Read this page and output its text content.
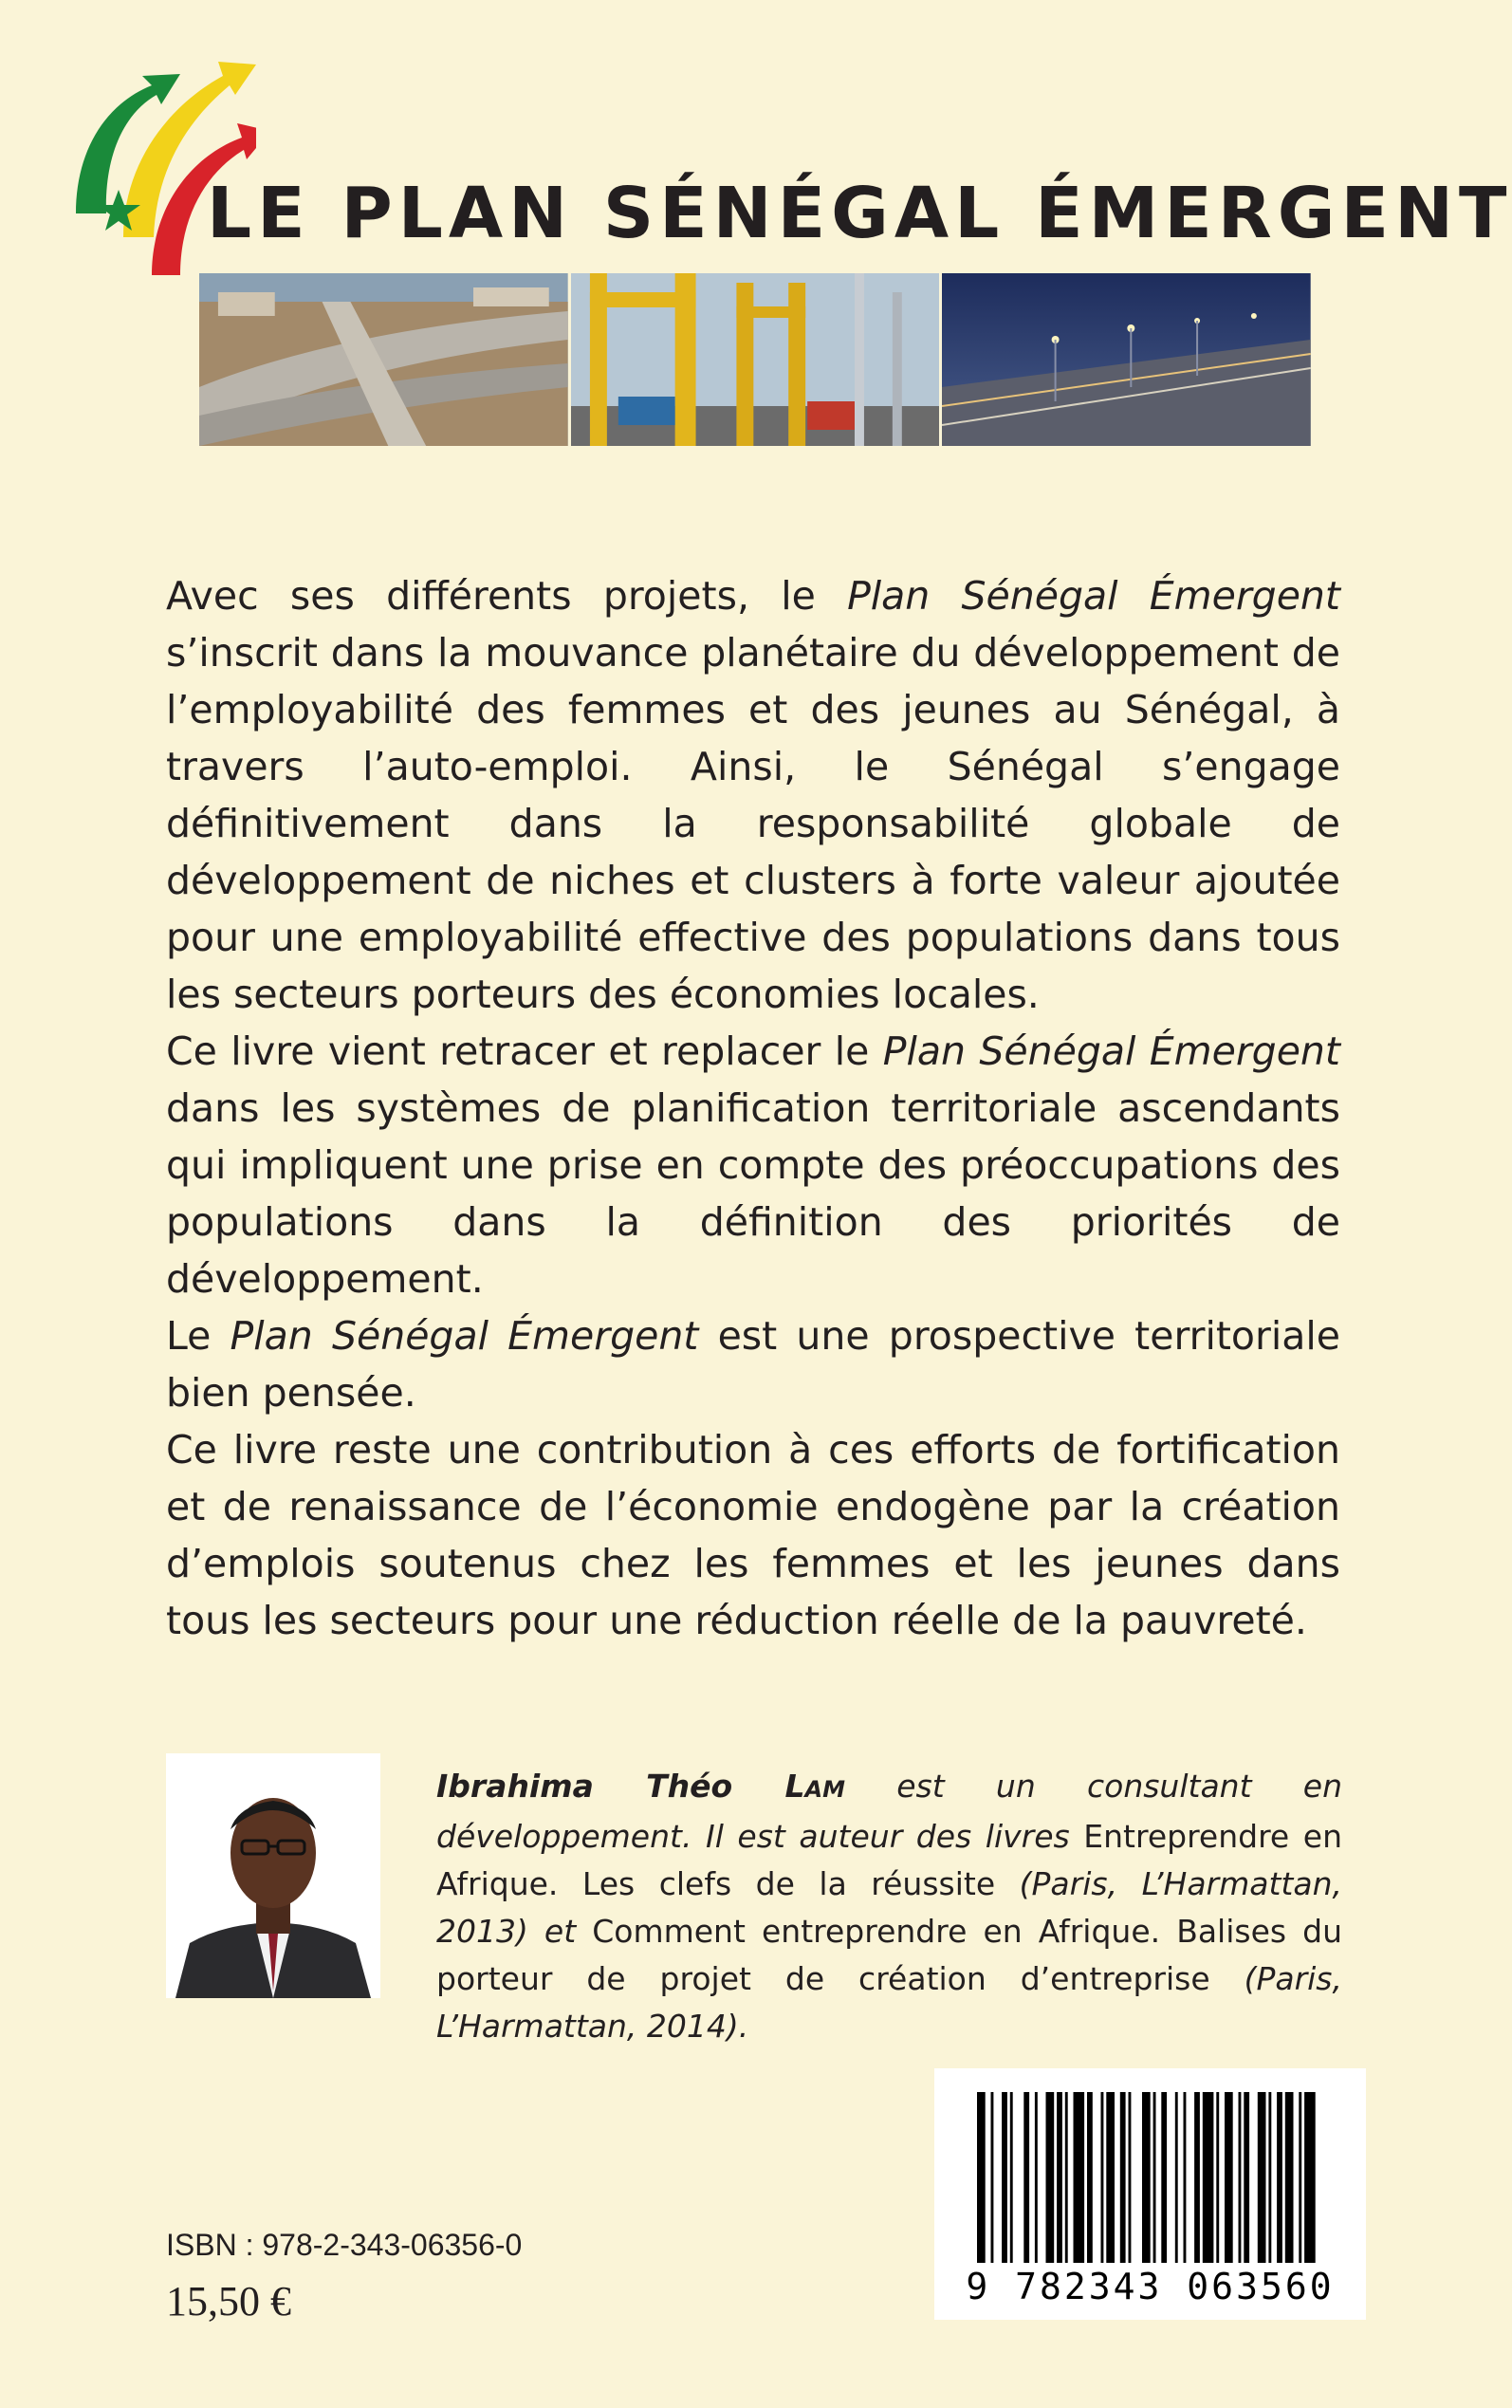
LE PLAN SÉNÉGAL ÉMERGENT

Avec ses différents projets, le Plan Sénégal Émergent s’inscrit dans la mouvance planétaire du développement de l’employabilité des femmes et des jeunes au Sénégal, à travers l’auto-emploi. Ainsi, le Sénégal s’engage définitivement dans la responsabilité globale de développement de niches et clusters à forte valeur ajoutée pour une employabilité effective des populations dans tous les secteurs porteurs des économies locales.

Ce livre vient retracer et replacer le Plan Sénégal Émergent dans les systèmes de planification territoriale ascendants qui impliquent une prise en compte des préoccupations des populations dans la définition des priorités de développement.

Le Plan Sénégal Émergent est une prospective territoriale bien pensée.

Ce livre reste une contribution à ces efforts de fortification et de renaissance de l’économie endogène par la création d’emplois soutenus chez les femmes et les jeunes dans tous les secteurs pour une réduction réelle de la pauvreté.

Ibrahima Théo LAM est un consultant en développement. Il est auteur des livres Entreprendre en Afrique. Les clefs de la réussite (Paris, L’Harmattan, 2013) et Comment entreprendre en Afrique. Balises du porteur de projet de création d’entreprise (Paris, L’Harmattan, 2014).
9 782343 063560
ISBN : 978-2-343-06356-0
15,50 €
